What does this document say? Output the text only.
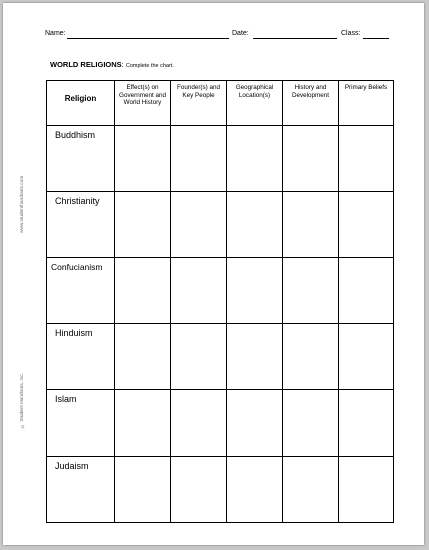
Name:	Date:	Class:
WORLD RELIGIONS: Complete the chart.
www.studenthandouts.com
© Student Handouts, Inc.
Religion
Effect(s) on Government and World History
Founder(s) and Key People
Geographical Location(s)
History and Development
Primary Beliefs
Buddhism
Christianity
Confucianism
Hinduism
Islam
Judaism
